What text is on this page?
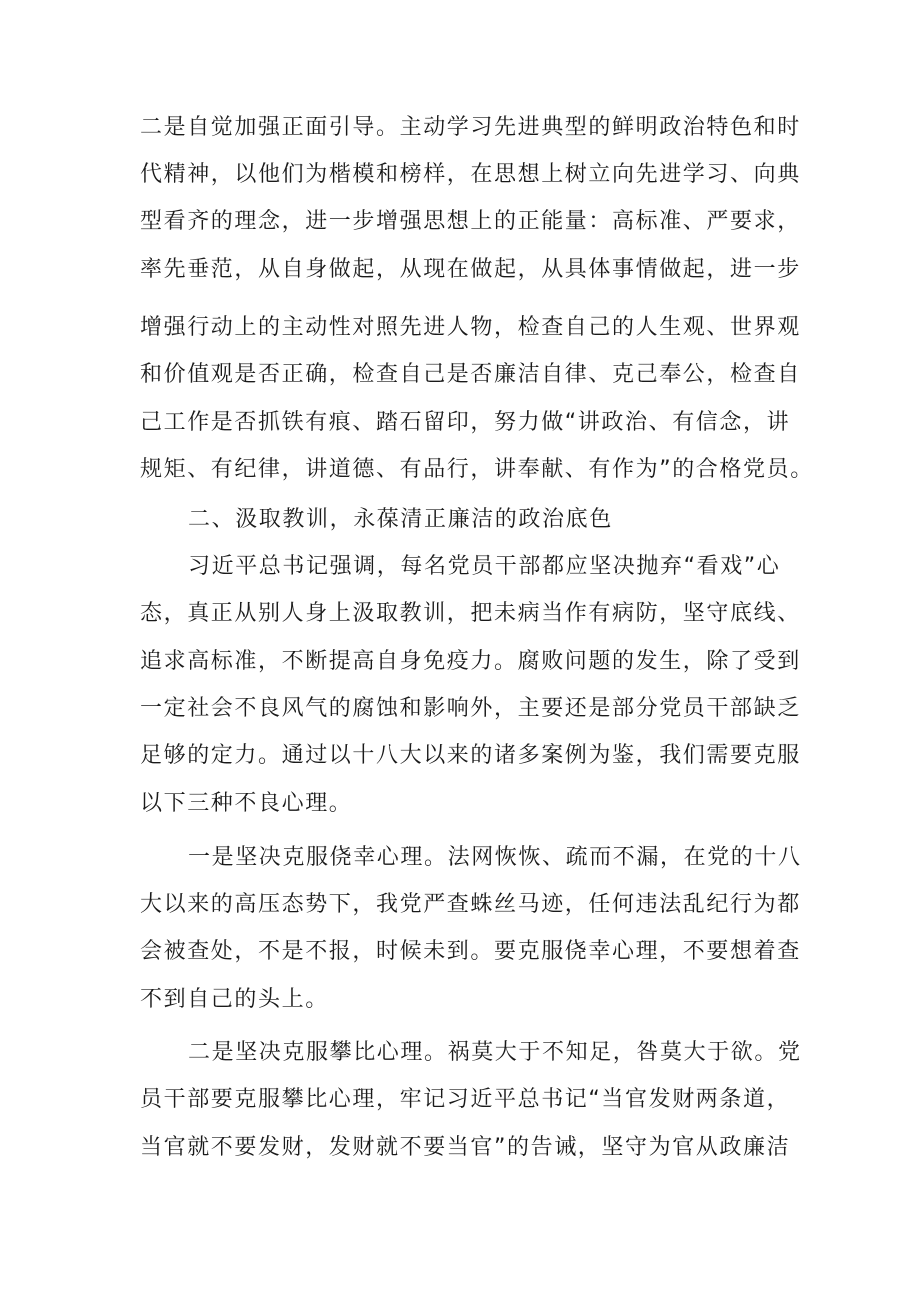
二是自觉加强正面引导。主动学习先进典型的鲜明政治特色和时
代精神，以他们为楷模和榜样，在思想上树立向先进学习、向典
型看齐的理念，进一步增强思想上的正能量：高标准、严要求，
率先垂范，从自身做起，从现在做起，从具体事情做起，进一步
增强行动上的主动性对照先进人物，检查自己的人生观、世界观
和价值观是否正确，检查自己是否廉洁自律、克己奉公，检查自
己工作是否抓铁有痕、踏石留印，努力做“讲政治、有信念，讲
规矩、有纪律，讲道德、有品行，讲奉献、有作为”的合格党员。
二、汲取教训，永葆清正廉洁的政治底色
习近平总书记强调，每名党员干部都应坚决抛弃“看戏”心
态，真正从别人身上汲取教训，把未病当作有病防，坚守底线、
追求高标准，不断提高自身免疫力。腐败问题的发生，除了受到
一定社会不良风气的腐蚀和影响外，主要还是部分党员干部缺乏
足够的定力。通过以十八大以来的诸多案例为鉴，我们需要克服
以下三种不良心理。
一是坚决克服侥幸心理。法网恢恢、疏而不漏，在党的十八
大以来的高压态势下，我党严查蛛丝马迹，任何违法乱纪行为都
会被查处，不是不报，时候未到。要克服侥幸心理，不要想着查
不到自己的头上。
二是坚决克服攀比心理。祸莫大于不知足，咎莫大于欲。党
员干部要克服攀比心理，牢记习近平总书记“当官发财两条道，
当官就不要发财，发财就不要当官”的告诫，坚守为官从政廉洁
